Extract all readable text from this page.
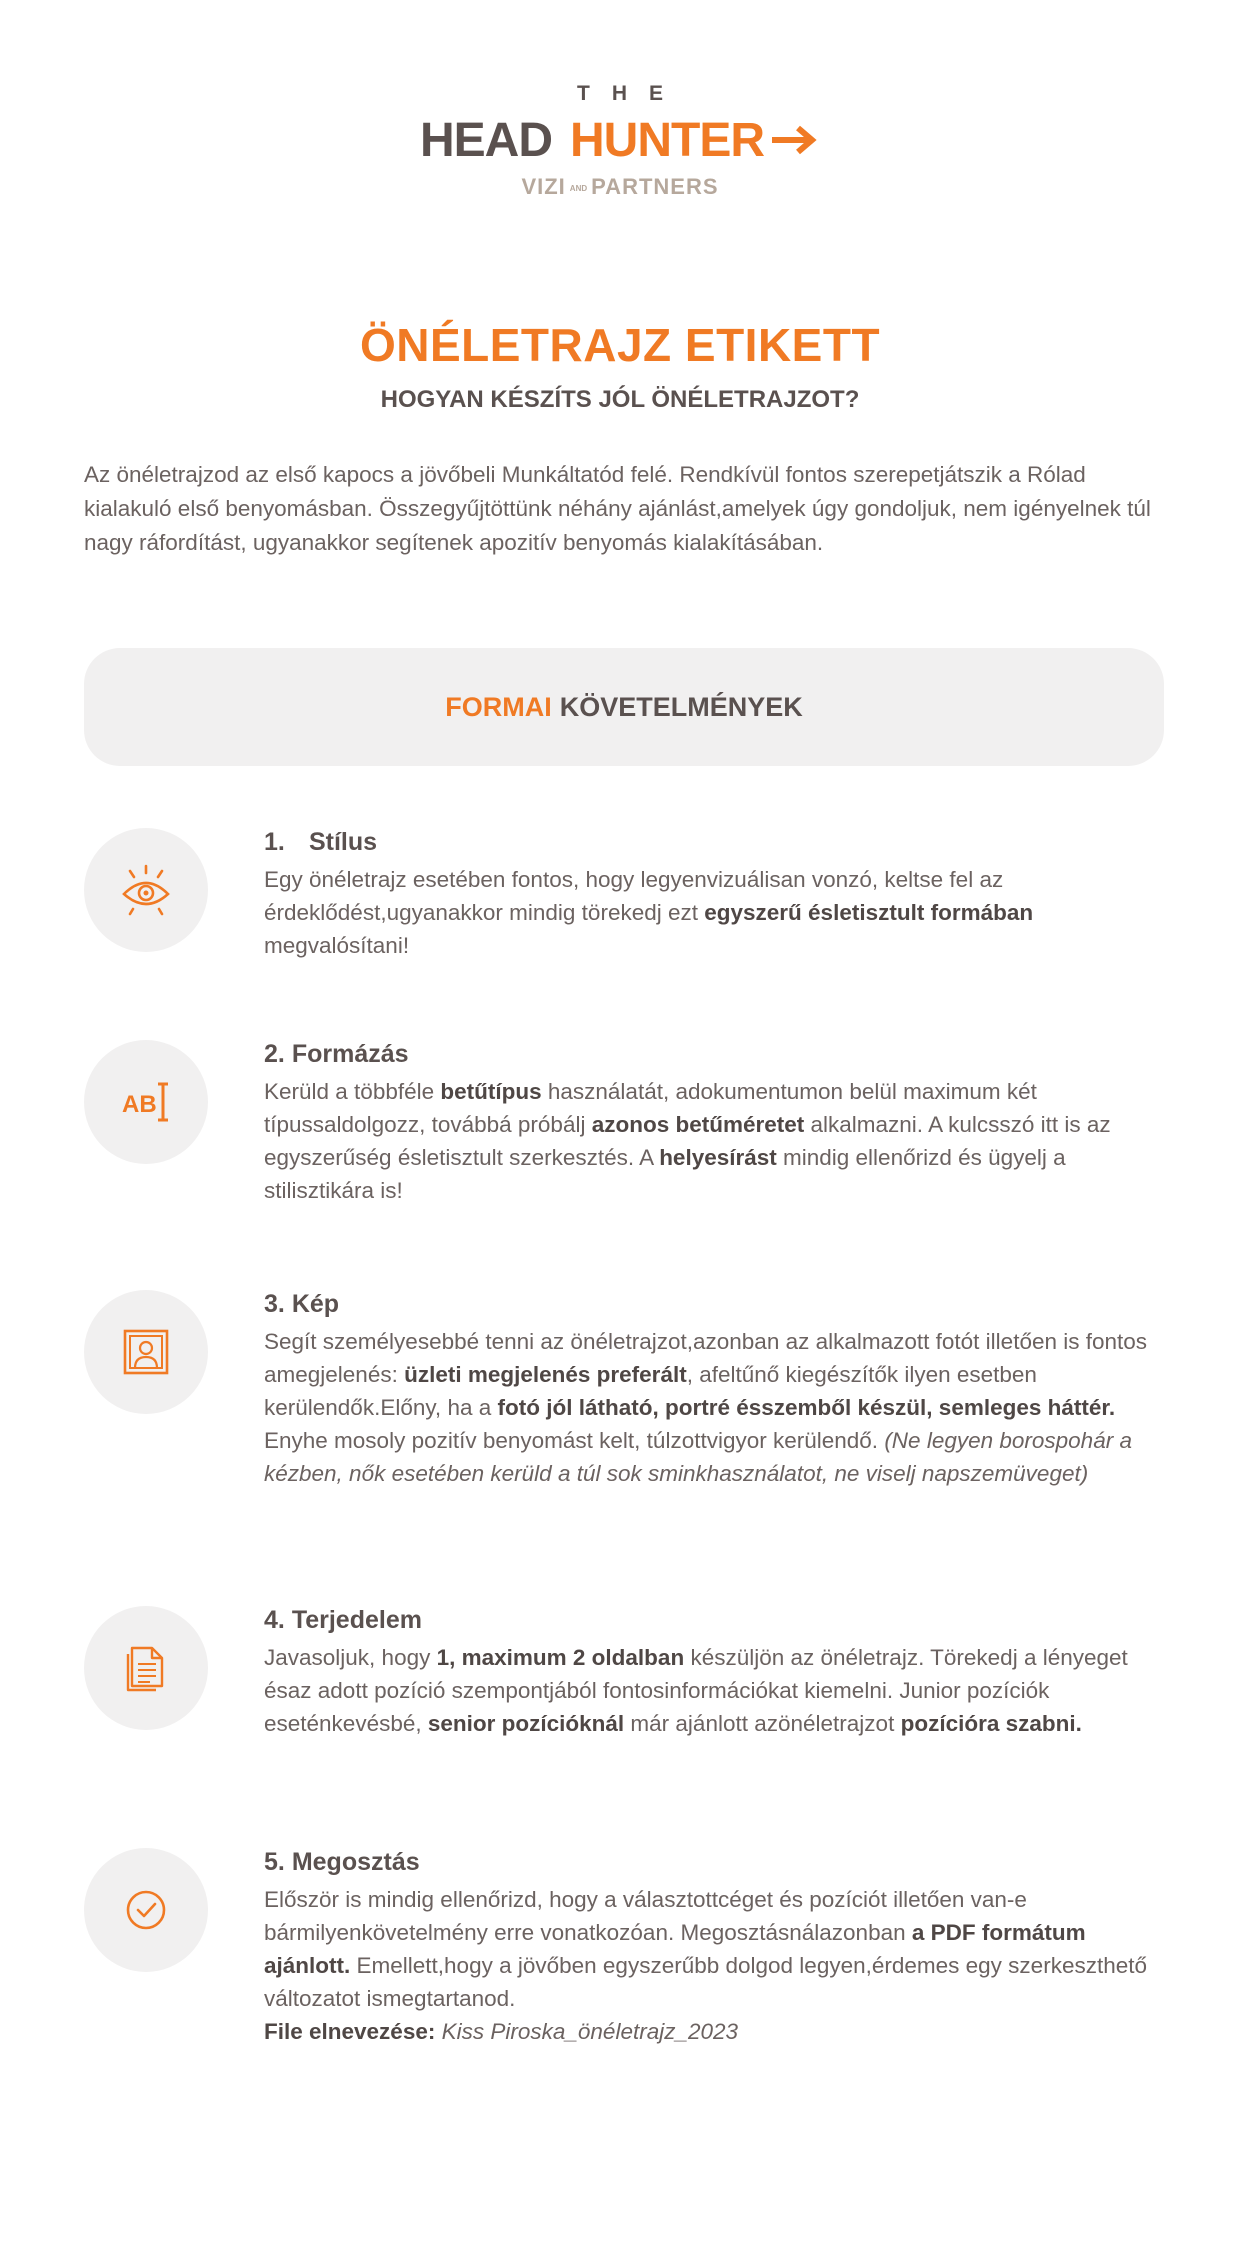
THE
HEAD HUNTER
VIZI AND PARTNERS
ÖNÉLETRAJZ ETIKETT
HOGYAN KÉSZÍTS JÓL ÖNÉLETRAJZOT?

Az önéletrajzod az első kapocs a jövőbeli Munkáltatód felé. Rendkívül fontos szerepetjátszik a Rólad kialakuló első benyomásban. Összegyűjtöttünk néhány ajánlást,amelyek úgy gondoljuk, nem igényelnek túl nagy ráfordítást, ugyanakkor segítenek apozitív benyomás kialakításában.

FORMAI KÖVETELMÉNYEK

1. Stílus

Egy önéletrajz esetében fontos, hogy legyenvizuálisan vonzó, keltse fel az érdeklődést,ugyanakkor mindig törekedj ezt egyszerű ésletisztult formában megvalósítani!

AB

2. Formázás

Kerüld a többféle betűtípus használatát, adokumentumon belül maximum két típussaldolgozz, továbbá próbálj azonos betűméretet alkalmazni. A kulcsszó itt is az egyszerűség ésletisztult szerkesztés. A helyesírást mindig ellenőrizd és ügyelj a stilisztikára is!

3. Kép

Segít személyesebbé tenni az önéletrajzot,azonban az alkalmazott fotót illetően is fontos amegjelenés: üzleti megjelenés preferált, afeltűnő kiegészítők ilyen esetben kerülendők.Előny, ha a fotó jól látható, portré ésszemből készül, semleges háttér. Enyhe mosoly pozitív benyomást kelt, túlzottvigyor kerülendő. (Ne legyen borospohár a kézben, nők esetében kerüld a túl sok sminkhasználatot, ne viselj napszemüveget)

4. Terjedelem

Javasoljuk, hogy 1, maximum 2 oldalban készüljön az önéletrajz. Törekedj a lényeget ésaz adott pozíció szempontjából fontosinformációkat kiemelni. Junior pozíciók eseténkevésbé, senior pozícióknál már ajánlott azönéletrajzot pozícióra szabni.

5. Megosztás

Először is mindig ellenőrizd, hogy a választottcéget és pozíciót illetően van-e bármilyenkövetelmény erre vonatkozóan. Megosztásnálazonban a PDF formátum ajánlott. Emellett,hogy a jövőben egyszerűbb dolgod legyen,érdemes egy szerkeszthető változatot ismegtartanod.
File elnevezése: Kiss Piroska_önéletrajz_2023
